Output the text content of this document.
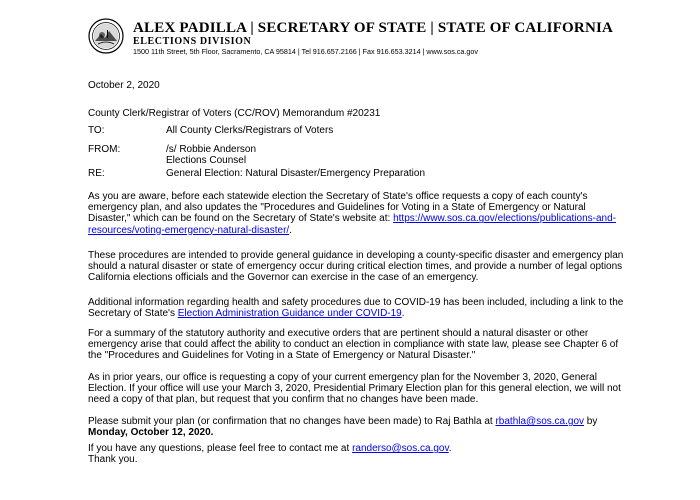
ALEX PADILLA | SECRETARY OF STATE | STATE OF CALIFORNIA
ELECTIONS DIVISION
1500 11th Street, 5th Floor, Sacramento, CA 95814 | Tel 916.657.2166 | Fax 916.653.3214 | www.sos.ca.gov
October 2, 2020
County Clerk/Registrar of Voters (CC/ROV) Memorandum #20231
TO:	All County Clerks/Registrars of Voters
FROM:	/s/ Robbie Anderson
Elections Counsel
RE:	General Election: Natural Disaster/Emergency Preparation
As you are aware, before each statewide election the Secretary of State's office requests a copy of each county's emergency plan, and also updates the "Procedures and Guidelines for Voting in a State of Emergency or Natural Disaster," which can be found on the Secretary of State's website at: https://www.sos.ca.gov/elections/publications-and-resources/voting-emergency-natural-disaster/.
These procedures are intended to provide general guidance in developing a county-specific disaster and emergency plan should a natural disaster or state of emergency occur during critical election times, and provide a number of legal options California elections officials and the Governor can exercise in the case of an emergency.
Additional information regarding health and safety procedures due to COVID-19 has been included, including a link to the Secretary of State's Election Administration Guidance under COVID-19.
For a summary of the statutory authority and executive orders that are pertinent should a natural disaster or other emergency arise that could affect the ability to conduct an election in compliance with state law, please see Chapter 6 of the "Procedures and Guidelines for Voting in a State of Emergency or Natural Disaster."
As in prior years, our office is requesting a copy of your current emergency plan for the November 3, 2020, General Election. If your office will use your March 3, 2020, Presidential Primary Election plan for this general election, we will not need a copy of that plan, but request that you confirm that no changes have been made.
Please submit your plan (or confirmation that no changes have been made) to Raj Bathla at rbathla@sos.ca.gov by Monday, October 12, 2020.
If you have any questions, please feel free to contact me at randerso@sos.ca.gov.
Thank you.
